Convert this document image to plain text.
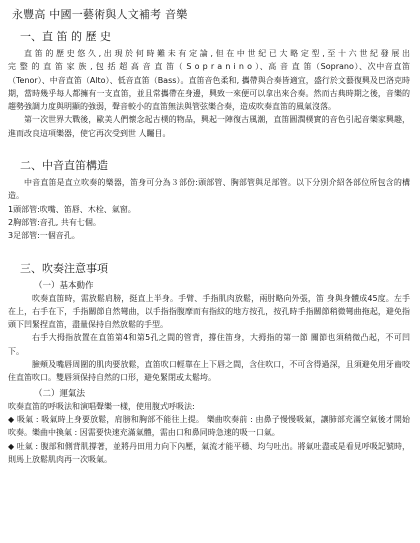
永豐高 中國一藝術與人文補考 音樂
一、直 笛 的 歷 史

直 笛 的 歷 史 悠 久 , 出 現 於 何 時 難 未 有 定 論 , 但 在 中 世 紀 已 大 略 定 型 , 至 十 六 世 紀 發 展 出 完 整 的 直 笛 家 族 , 包 括 超 高 音 直 笛（ S o p r a n i n o ）、高 音 直 笛（Soprano）、次中音直笛（Tenor）、中音直笛（Alto）、低音直笛（Bass）。直笛音色柔和, 攜帶與合奏皆適宜，盛行於文藝復興及巴洛克時期，當時幾乎每人都擁有一支直笛，並且常攜帶在身邊，興致一來便可以拿出來合奏。然而古典時期之後，音樂的趨勢強調力度與明顯的強弱，聲音較小的直笛無法與管弦樂合奏，造成吹奏直笛的風氣沒落。

第一次世界大戰後，歐美人們懷念起古樸的物品，興起一陣復古風潮，直笛圓潤樸實的音色引起音樂家興趣，進而改良這項樂器，使它再次受到世 人矚目。

二、中音直笛構造

中音直笛是直立吹奏的樂器，笛身可分為３部份:頭部管、胸部管與足部管。以下分別介紹各部位所包含的構造。

1頭部管:吹嘴、笛唇、木栓、氣窗。

2胸部管:音孔, 共有七個。

3足部管:一個音孔。

三、吹奏注意事項
（一）基本動作

吹奏直笛時，需放鬆肩膀，挺直上半身。手臂、手指肌肉放鬆，兩肘略向外張，笛 身與身體成45度。左手在上，右手在下，手指關節自然彎曲，以手指指腹摩而有指紋的地方按孔，按孔時手指關節稍微彎曲拖起，避免指頭下凹緊捏直笛，盡量保持自然放鬆的手型。

右手大拇指放置在直笛第4和第5孔之間的管背，撐住笛身，大拇指的第一節 關節也須稍微凸起，不可凹下。

臉頰及嘴唇周圍的肌肉要放鬆，直笛吹口輕靠在上下唇之間，含住吹口，不可含得過深，且須避免用牙齒咬住直笛吹口。雙唇須保持自然的口形，避免緊閉或太鬆垮。

（二）運氣法

吹奏直笛的呼吸法和演唱聲樂一樣，使用腹式呼吸法:

◆ 吸氣 : 吸氣時上身要放鬆，肩膀和胸部不能往上提。 樂曲吹奏前 : 由鼻子慢慢吸氣，讓肺部充滿空氣後才開始吹奏。樂曲中換氣 : 因需要快速充滿氣體，需由口和鼻同時急速的吸一口氣。

◆ 吐氣 : 腹部和側背肌撐著，並將丹田用力向下內壓，氣流才能平穩、均勻吐出。將氣吐盡或是看見呼吸記號時，則馬上放鬆肌肉再一次吸氣。
